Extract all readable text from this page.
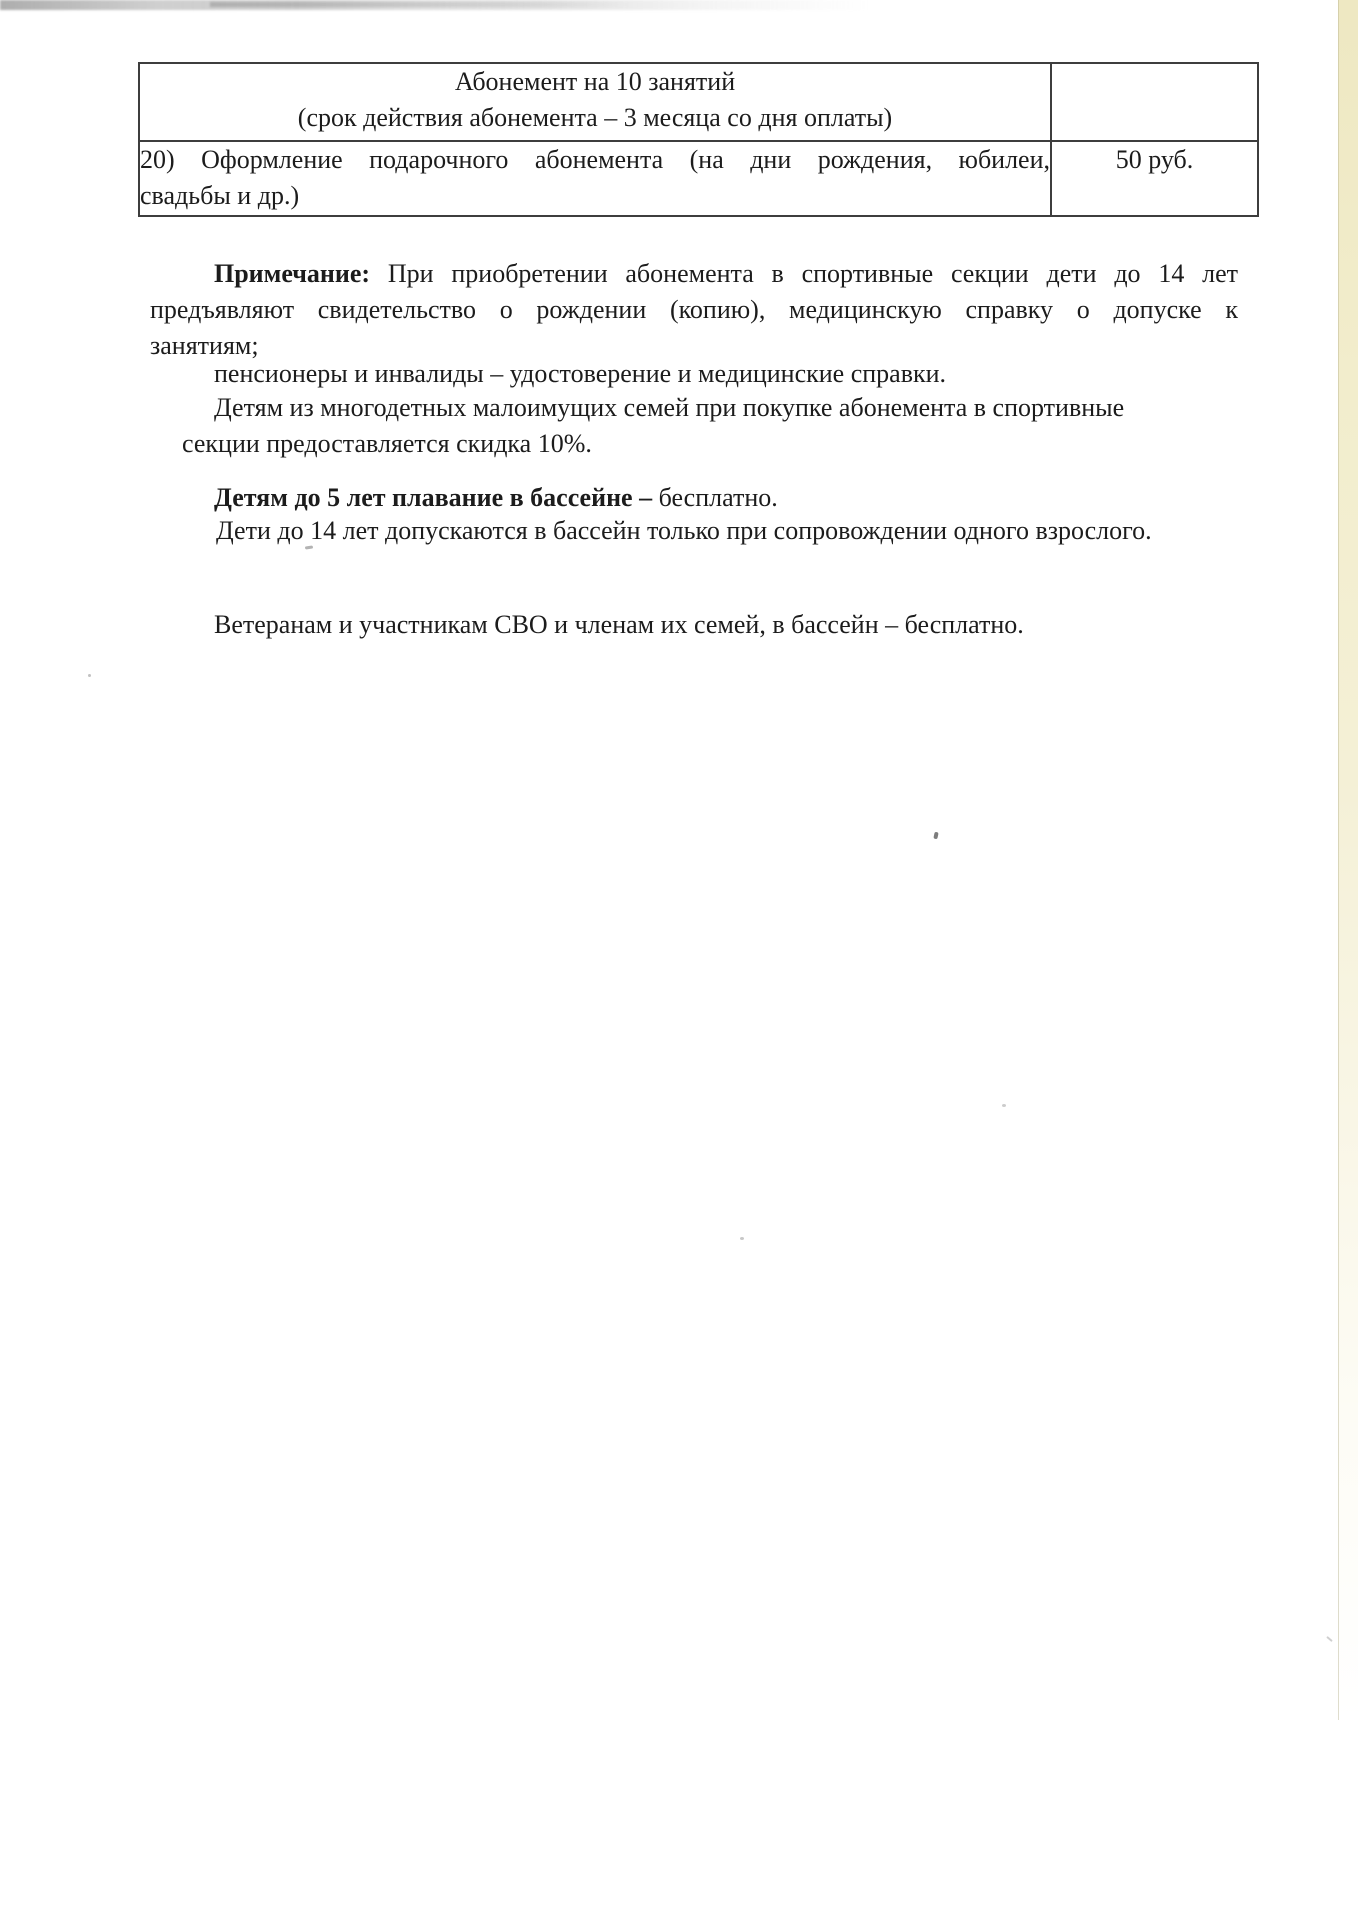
Абонемент на 10 занятий
(срок действия абонемента – 3 месяца со дня оплаты)	

20) Оформление подарочного абонемента (на дни рождения, юбилеи,
свадьбы и др.)	50 руб.
Примечание: При приобретении абонемента в спортивные секции дети до 14 лет
предъявляют свидетельство о рождении (копию), медицинскую справку о допуске к
занятиям;
пенсионеры и инвалиды – удостоверение и медицинские справки.
Детям из многодетных малоимущих семей при покупке абонемента в спортивные
секции предоставляется скидка 10%.
Детям до 5 лет плавание в бассейне – бесплатно.
Дети до 14 лет допускаются в бассейн только при сопровождении одного взрослого.
Ветеранам и участникам СВО и членам их семей, в бассейн – бесплатно.
